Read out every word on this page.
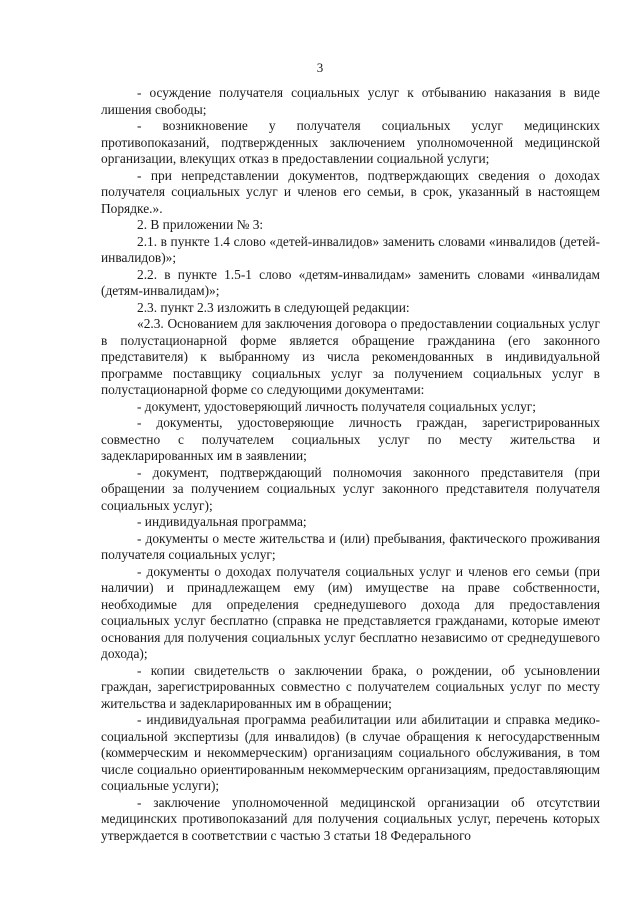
3

- осуждение получателя социальных услуг к отбыванию наказания в виде лишения свободы;

- возникновение у получателя социальных услуг медицинских противопоказаний, подтвержденных заключением уполномоченной медицинской организации, влекущих отказ в предоставлении социальной услуги;

- при непредставлении документов, подтверждающих сведения о доходах получателя социальных услуг и членов его семьи, в срок, указанный в настоящем Порядке.».

2. В приложении № 3:

2.1. в пункте 1.4 слово «детей-инвалидов» заменить словами «инвалидов (детей-инвалидов)»;

2.2. в пункте 1.5-1 слово «детям-инвалидам» заменить словами «инвалидам (детям-инвалидам)»;

2.3. пункт 2.3 изложить в следующей редакции:

«2.3. Основанием для заключения договора о предоставлении социальных услуг в полустационарной форме является обращение гражданина (его законного представителя) к выбранному из числа рекомендованных в индивидуальной программе поставщику социальных услуг за получением социальных услуг в полустационарной форме со следующими документами:

- документ, удостоверяющий личность получателя социальных услуг;

- документы, удостоверяющие личность граждан, зарегистрированных совместно с получателем социальных услуг по месту жительства и задекларированных им в заявлении;

- документ, подтверждающий полномочия законного представителя (при обращении за получением социальных услуг законного представителя получателя социальных услуг);

- индивидуальная программа;

- документы о месте жительства и (или) пребывания, фактического проживания получателя социальных услуг;

- документы о доходах получателя социальных услуг и членов его семьи (при наличии) и принадлежащем ему (им) имуществе на праве собственности, необходимые для определения среднедушевого дохода для предоставления социальных услуг бесплатно (справка не представляется гражданами, которые имеют основания для получения социальных услуг бесплатно независимо от среднедушевого дохода);

- копии свидетельств о заключении брака, о рождении, об усыновлении граждан, зарегистрированных совместно с получателем социальных услуг по месту жительства и задекларированных им в обращении;

- индивидуальная программа реабилитации или абилитации и справка медико-социальной экспертизы (для инвалидов) (в случае обращения к негосударственным (коммерческим и некоммерческим) организациям социального обслуживания, в том числе социально ориентированным некоммерческим организациям, предоставляющим социальные услуги);

- заключение уполномоченной медицинской организации об отсутствии медицинских противопоказаний для получения социальных услуг, перечень которых утверждается в соответствии с частью 3 статьи 18 Федерального
